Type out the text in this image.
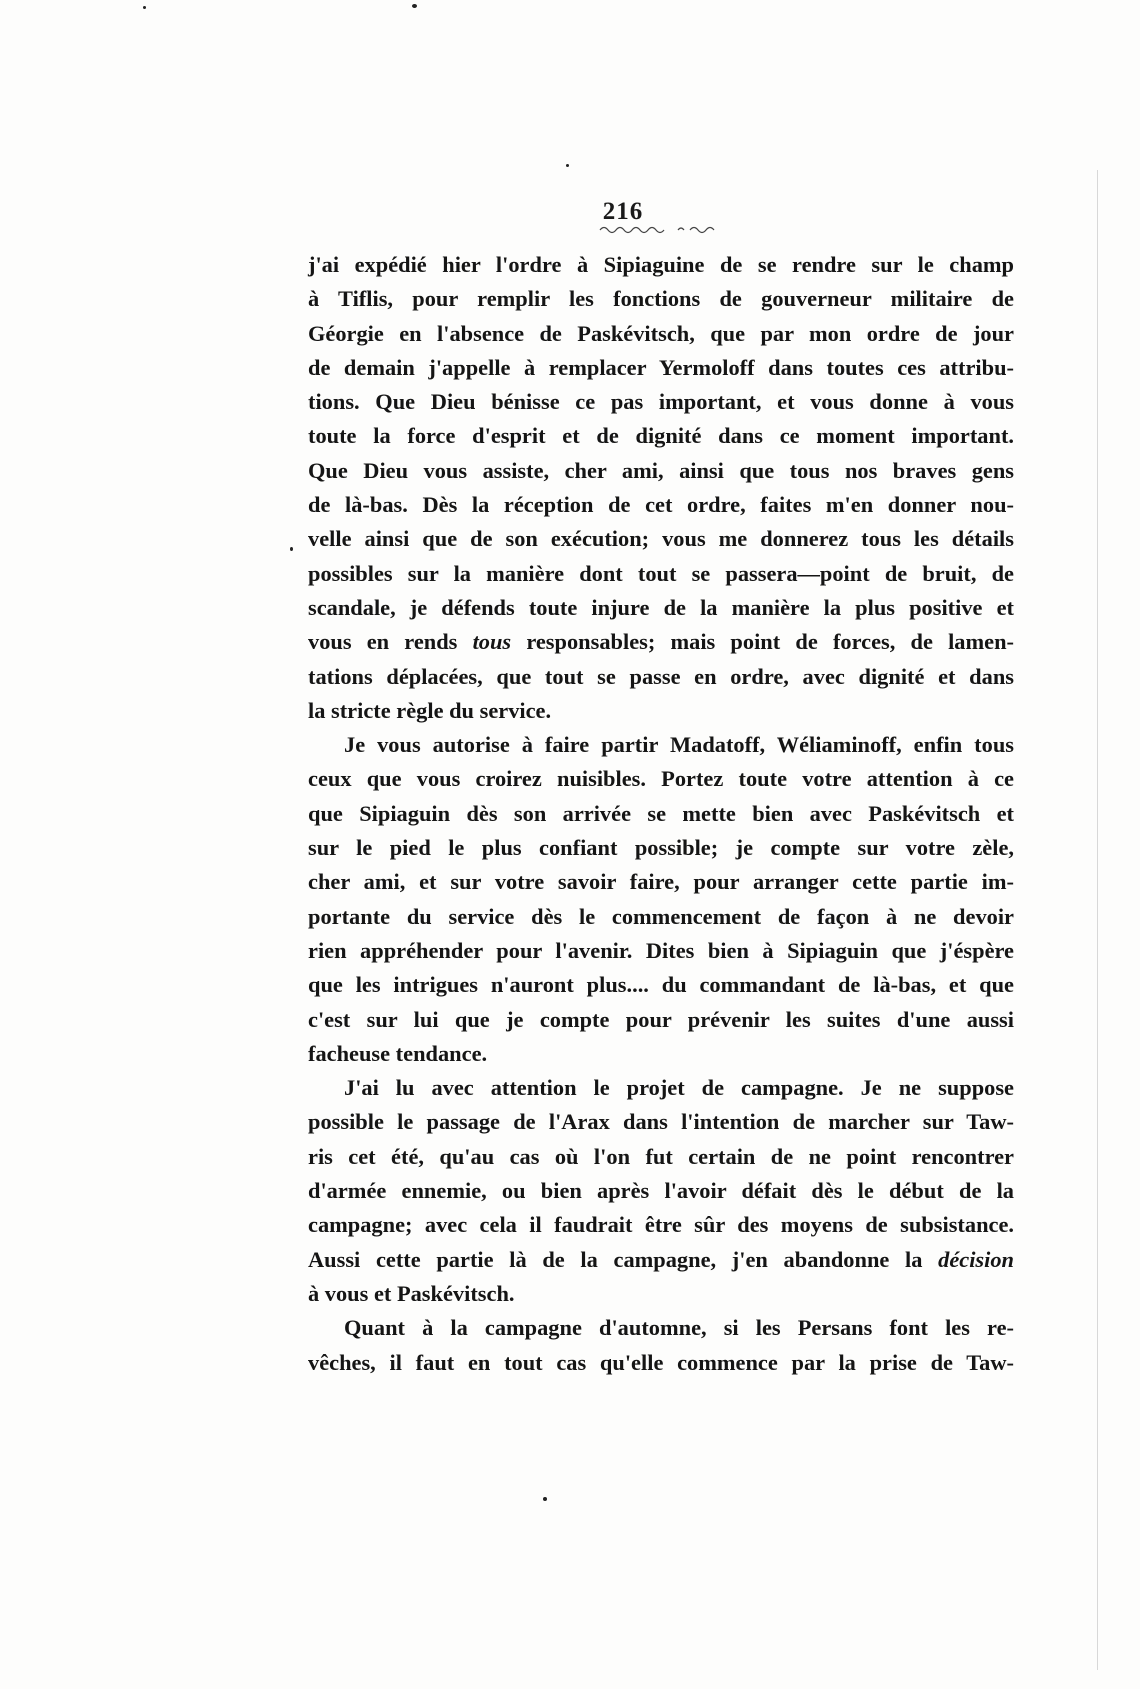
216
j'ai expédié hier l'ordre à Sipiaguine de se rendre sur le champ
à Tiflis, pour remplir les fonctions de gouverneur militaire de
Géorgie en l'absence de Paskévitsch, que par mon ordre de jour
de demain j'appelle à remplacer Yermoloff dans toutes ces attribu-
tions. Que Dieu bénisse ce pas important, et vous donne à vous
toute la force d'esprit et de dignité dans ce moment important.
Que Dieu vous assiste, cher ami, ainsi que tous nos braves gens
de là-bas. Dès la réception de cet ordre, faites m'en donner nou-
velle ainsi que de son exécution; vous me donnerez tous les détails
possibles sur la manière dont tout se passera—point de bruit, de
scandale, je défends toute injure de la manière la plus positive et
vous en rends tous responsables; mais point de forces, de lamen-
tations déplacées, que tout se passe en ordre, avec dignité et dans
la stricte règle du service.
Je vous autorise à faire partir Madatoff, Wéliaminoff, enfin tous
ceux que vous croirez nuisibles. Portez toute votre attention à ce
que Sipiaguin dès son arrivée se mette bien avec Paskévitsch et
sur le pied le plus confiant possible; je compte sur votre zèle,
cher ami, et sur votre savoir faire, pour arranger cette partie im-
portante du service dès le commencement de façon à ne devoir
rien appréhender pour l'avenir. Dites bien à Sipiaguin que j'éspère
que les intrigues n'auront plus.... du commandant de là-bas, et que
c'est sur lui que je compte pour prévenir les suites d'une aussi
facheuse tendance.
J'ai lu avec attention le projet de campagne. Je ne suppose
possible le passage de l'Arax dans l'intention de marcher sur Taw-
ris cet été, qu'au cas où l'on fut certain de ne point rencontrer
d'armée ennemie, ou bien après l'avoir défait dès le début de la
campagne; avec cela il faudrait être sûr des moyens de subsistance.
Aussi cette partie là de la campagne, j'en abandonne la décision
à vous et Paskévitsch.
Quant à la campagne d'automne, si les Persans font les re-
vêches, il faut en tout cas qu'elle commence par la prise de Taw-
